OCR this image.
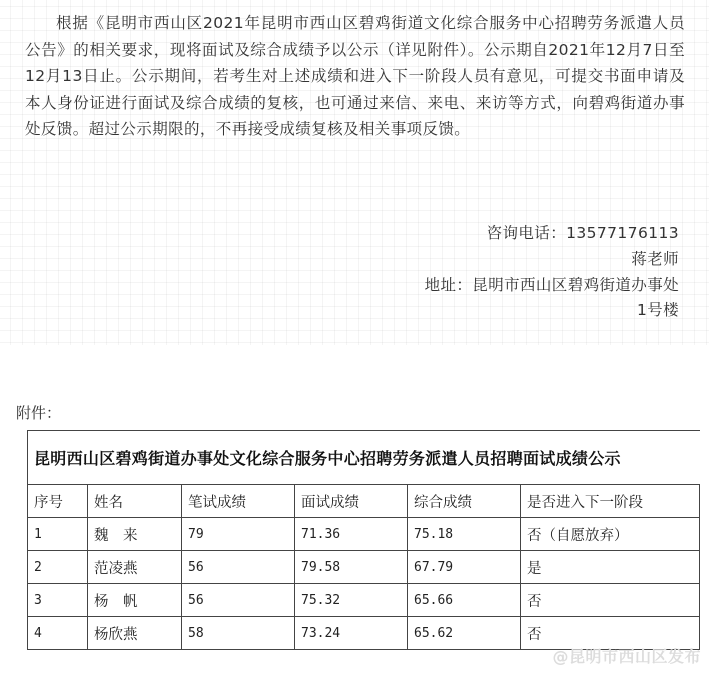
根据《昆明市西山区2021年昆明市西山区碧鸡街道文化综合服务中心招聘劳务派遣人员公告》的相关要求，现将面试及综合成绩予以公示（详见附件）。公示期自2021年12月7日至12月13日止。公示期间，若考生对上述成绩和进入下一阶段人员有意见，可提交书面申请及本人身份证进行面试及综合成绩的复核，也可通过来信、来电、来访等方式，向碧鸡街道办事处反馈。超过公示期限的，不再接受成绩复核及相关事项反馈。

咨询电话：13577176113
蒋老师
地址：昆明市西山区碧鸡街道办事处
1号楼
附件：
昆明西山区碧鸡街道办事处文化综合服务中心招聘劳务派遣人员招聘面试成绩公示					
序号	姓名	笔试成绩	面试成绩	综合成绩	是否进入下一阶段
1	魏　来	79	71.36	75.18	否（自愿放弃）
2	范凌燕	56	79.58	67.79	是
3	杨　帆	56	75.32	65.66	否
4	杨欣燕	58	73.24	65.62	否
@昆明市西山区发布
